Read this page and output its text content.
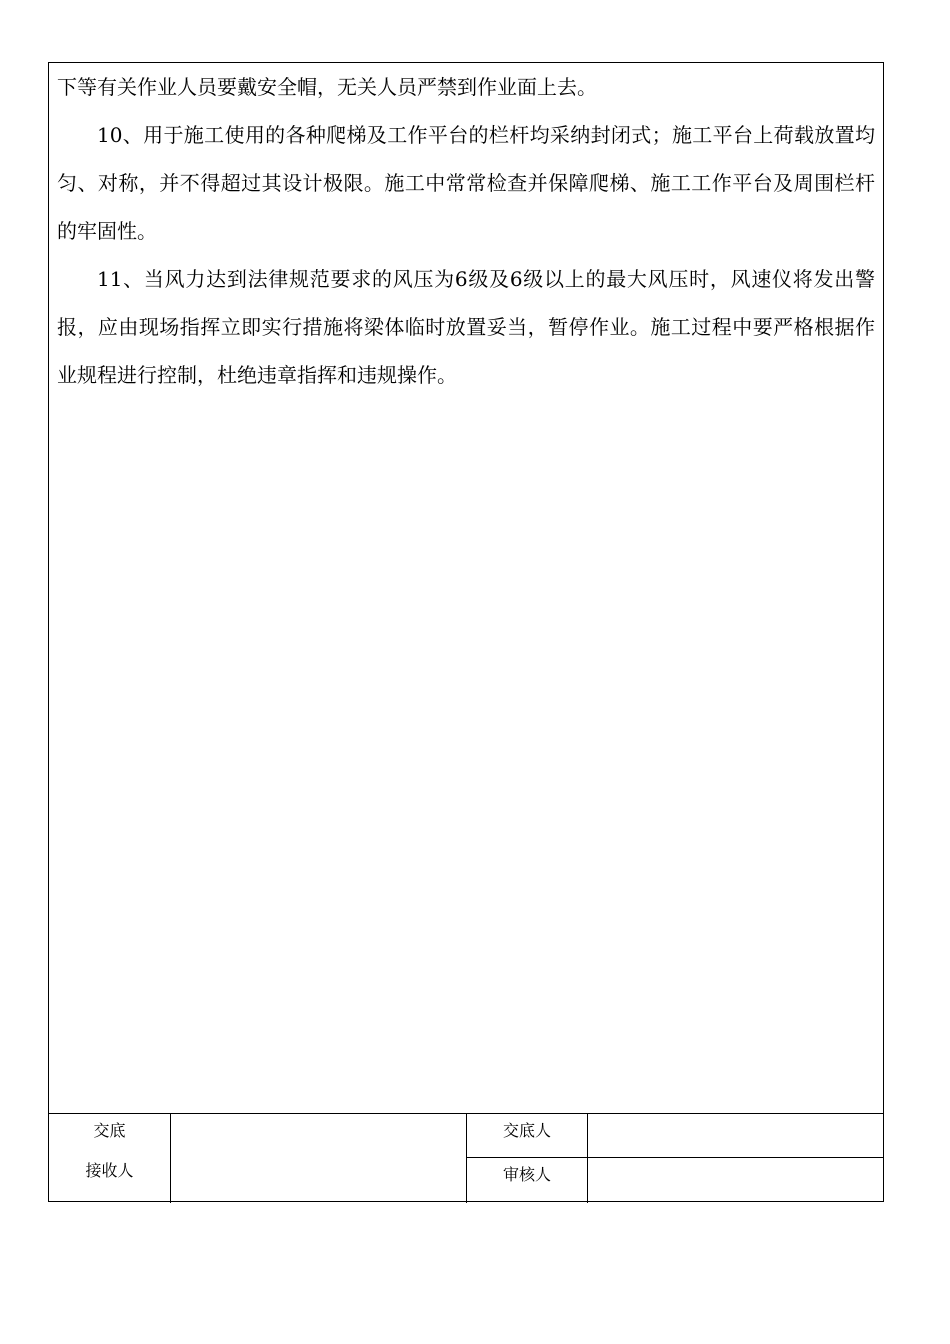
下等有关作业人员要戴安全帽，无关人员严禁到作业面上去。

10、用于施工使用的各种爬梯及工作平台的栏杆均采纳封闭式；施工平台上荷载放置均匀、对称，并不得超过其设计极限。施工中常常检查并保障爬梯、施工工作平台及周围栏杆的牢固性。

11、当风力达到法律规范要求的风压为6级及6级以上的最大风压时，风速仪将发出警报，应由现场指挥立即实行措施将梁体临时放置妥当，暂停作业。施工过程中要严格根据作业规程进行控制，杜绝违章指挥和违规操作。

交底
接收人
交底人
审核人
